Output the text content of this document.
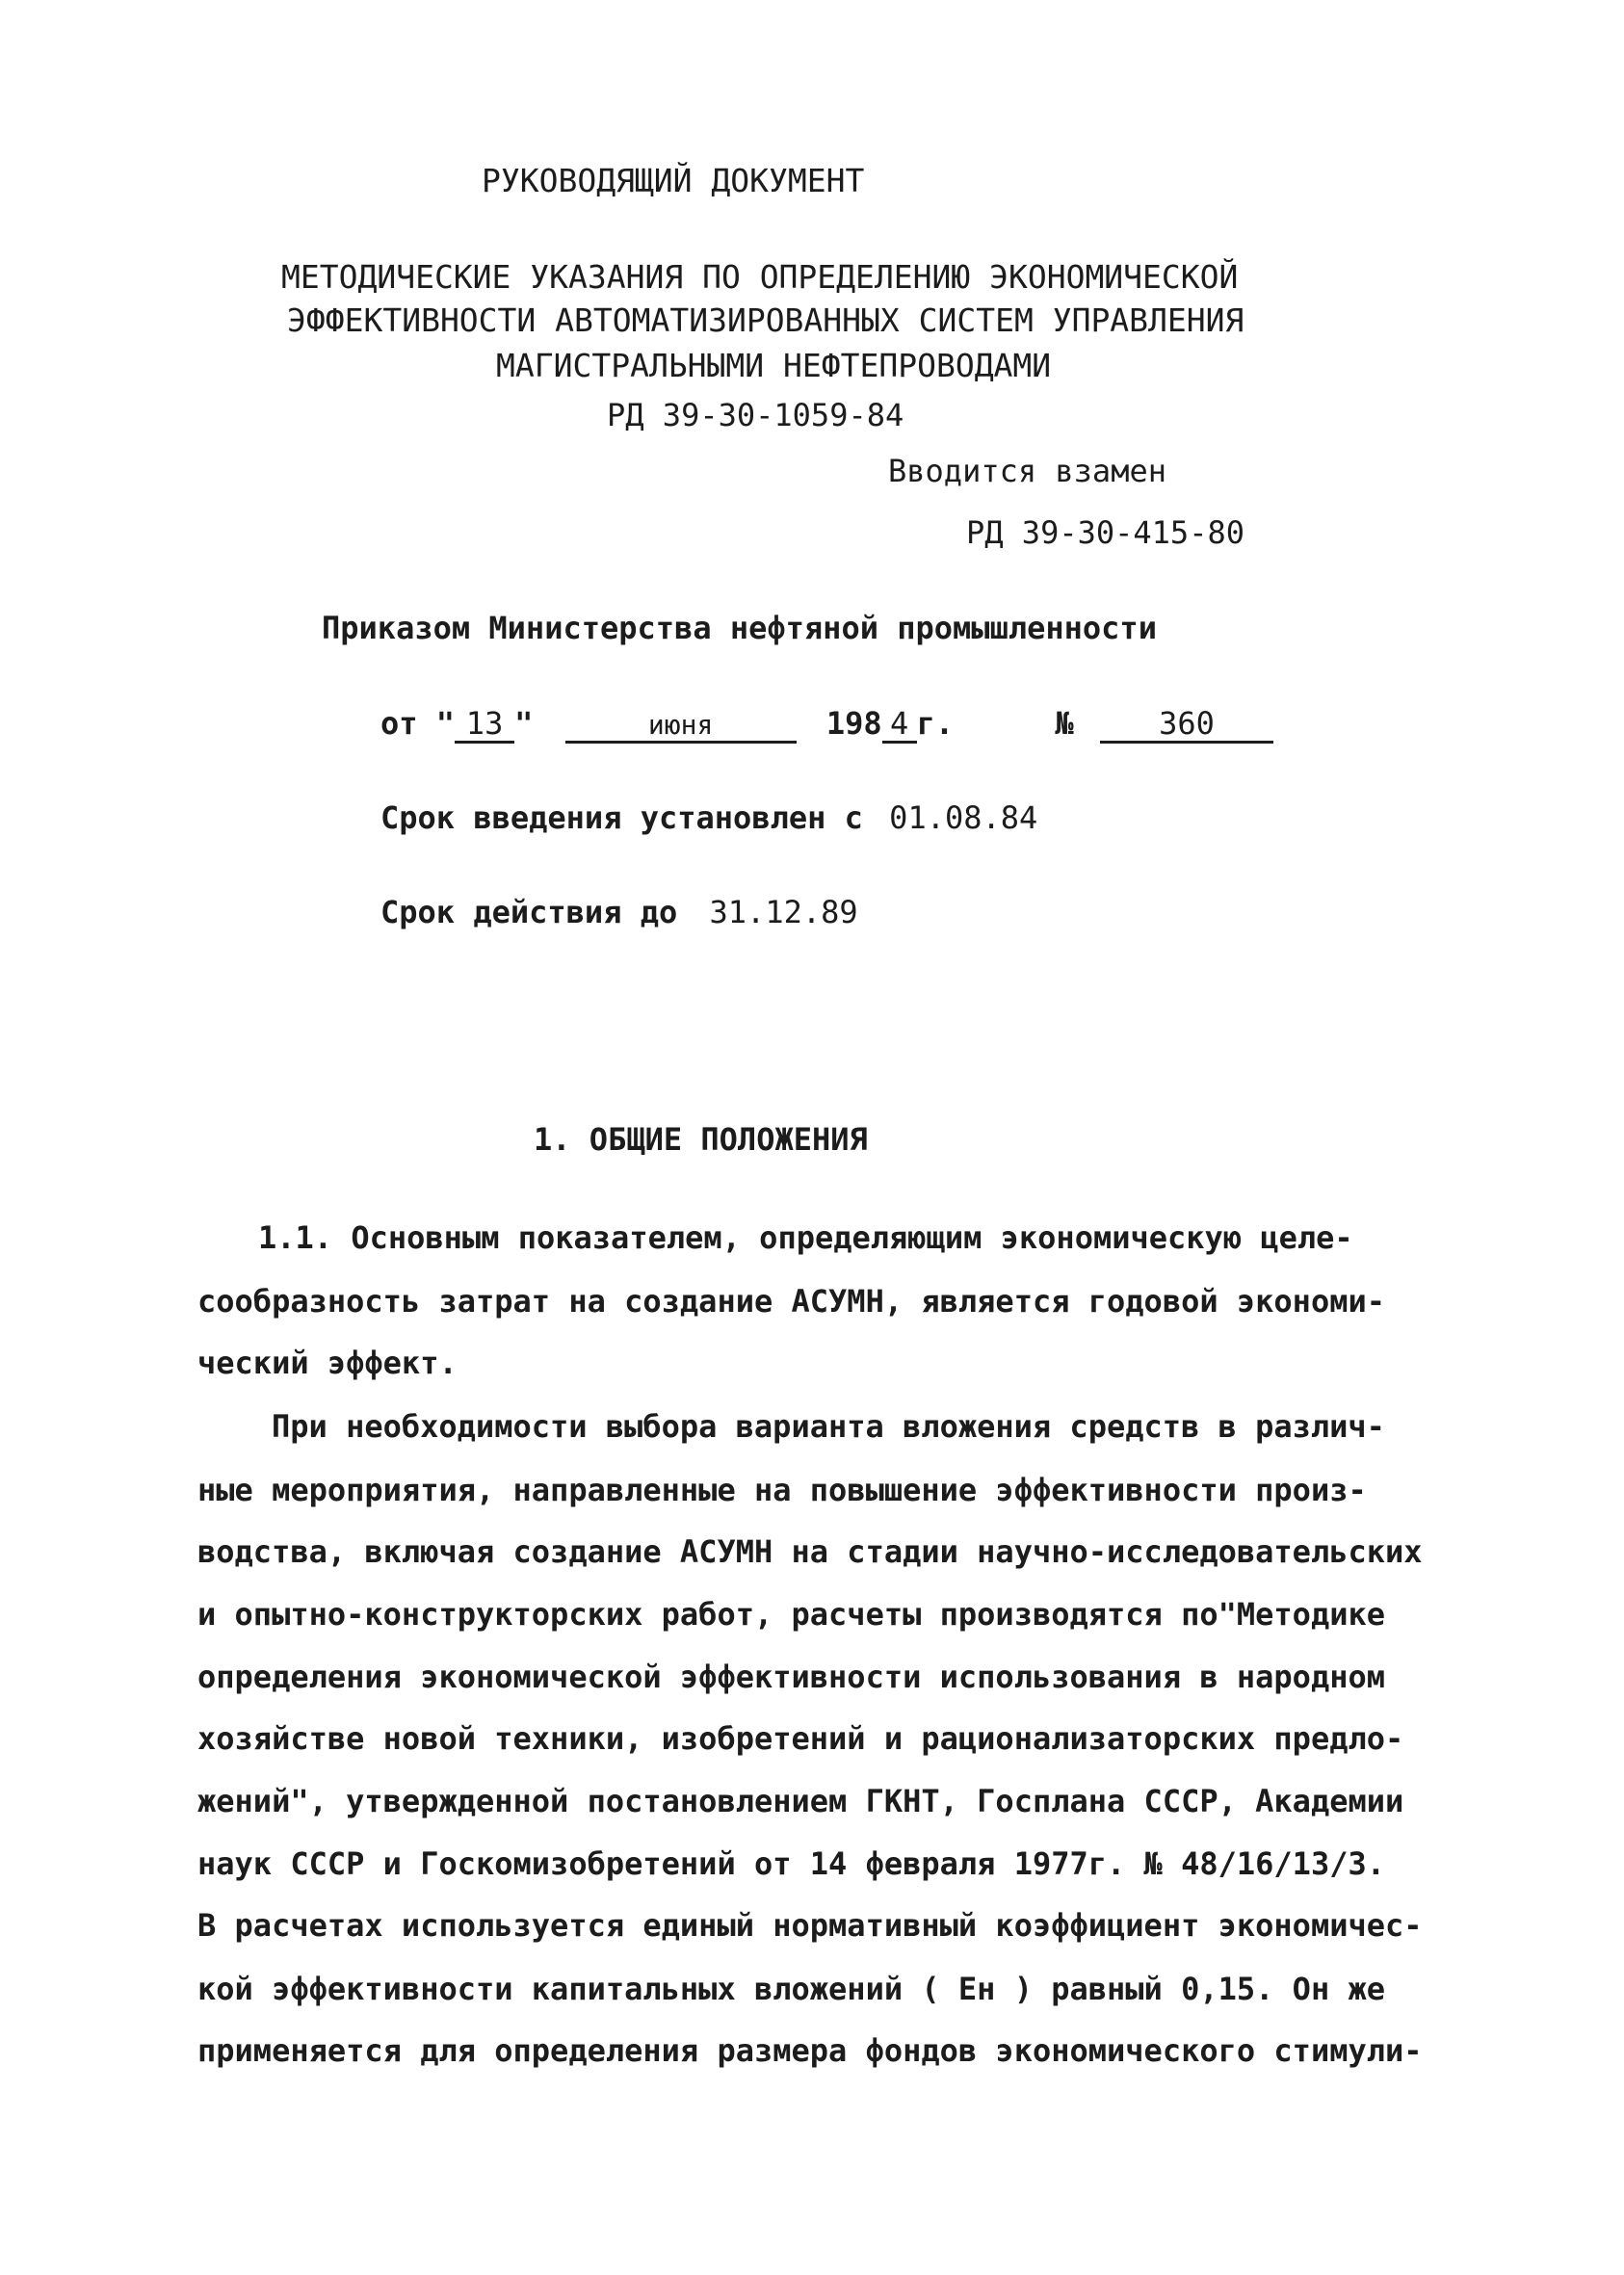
РУКОВОДЯЩИЙ ДОКУМЕНТ
МЕТОДИЧЕСКИЕ УКАЗАНИЯ ПО ОПРЕДЕЛЕНИЮ ЭКОНОМИЧЕСКОЙ
ЭФФЕКТИВНОСТИ АВТОМАТИЗИРОВАННЫХ СИСТЕМ УПРАВЛЕНИЯ
МАГИСТРАЛЬНЫМИ НЕФТЕПРОВОДАМИ
РД 39-30-1059-84
Вводится взамен
РД 39-30-415-80
Приказом Министерства нефтяной промышленности
от " 13 "	июня	198 4 г.	№	360
Срок введения установлен с 01.08.84
Срок действия до 31.12.89
1. ОБЩИЕ ПОЛОЖЕНИЯ
1.1. Основным показателем, определяющим экономическую целе-
сообразность затрат на создание АСУМН, является годовой экономи-
ческий эффект.
При необходимости выбора варианта вложения средств в различ-
ные мероприятия, направленные на повышение эффективности произ-
водства, включая создание АСУМН на стадии научно-исследовательских
и опытно-конструкторских работ, расчеты производятся по"Методике
определения экономической эффективности использования в народном
хозяйстве новой техники, изобретений и рационализаторских предло-
жений", утвержденной постановлением ГКНТ, Госплана СССР, Академии
наук СССР и Госкомизобретений от 14 февраля 1977г. № 48/16/13/3.
В расчетах используется единый нормативный коэффициент экономичес-
кой эффективности капитальных вложений ( Ен ) равный 0,15. Он же
применяется для определения размера фондов экономического стимули-
